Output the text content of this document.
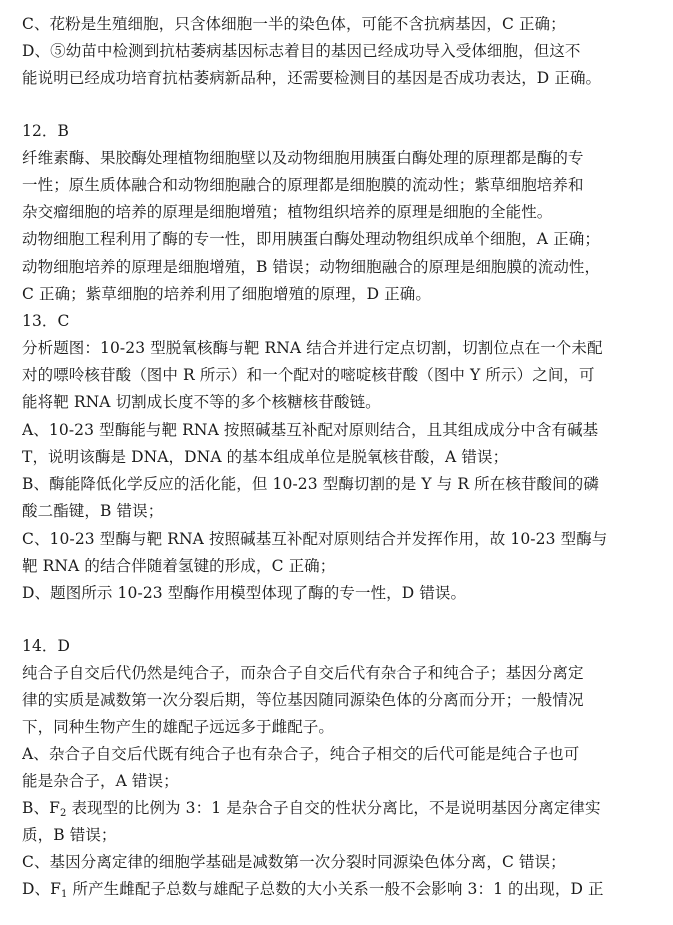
C、花粉是生殖细胞，只含体细胞一半的染色体，可能不含抗病基因，C 正确；
D、⑤幼苗中检测到抗枯萎病基因标志着目的基因已经成功导入受体细胞，但这不
能说明已经成功培育抗枯萎病新品种，还需要检测目的基因是否成功表达，D 正确。
12．B
纤维素酶、果胶酶处理植物细胞壁以及动物细胞用胰蛋白酶处理的原理都是酶的专
一性；原生质体融合和动物细胞融合的原理都是细胞膜的流动性；紫草细胞培养和
杂交瘤细胞的培养的原理是细胞增殖；植物组织培养的原理是细胞的全能性。
动物细胞工程利用了酶的专一性，即用胰蛋白酶处理动物组织成单个细胞，A 正确；
动物细胞培养的原理是细胞增殖，B 错误；动物细胞融合的原理是细胞膜的流动性，
C 正确；紫草细胞的培养利用了细胞增殖的原理，D 正确。
13．C
分析题图：10-23 型脱氧核酶与靶 RNA 结合并进行定点切割，切割位点在一个未配
对的嘌呤核苷酸（图中 R 所示）和一个配对的嘧啶核苷酸（图中 Y 所示）之间，可
能将靶 RNA 切割成长度不等的多个核糖核苷酸链。
A、10-23 型酶能与靶 RNA 按照碱基互补配对原则结合，且其组成成分中含有碱基
T，说明该酶是 DNA，DNA 的基本组成单位是脱氧核苷酸，A 错误；
B、酶能降低化学反应的活化能，但 10-23 型酶切割的是 Y 与 R 所在核苷酸间的磷
酸二酯键，B 错误；
C、10-23 型酶与靶 RNA 按照碱基互补配对原则结合并发挥作用，故 10-23 型酶与
靶 RNA 的结合伴随着氢键的形成，C 正确；
D、题图所示 10-23 型酶作用模型体现了酶的专一性，D 错误。
14．D
纯合子自交后代仍然是纯合子，而杂合子自交后代有杂合子和纯合子；基因分离定
律的实质是减数第一次分裂后期，等位基因随同源染色体的分离而分开；一般情况
下，同种生物产生的雄配子远远多于雌配子。
A、杂合子自交后代既有纯合子也有杂合子，纯合子相交的后代可能是纯合子也可
能是杂合子，A 错误；
B、$F_2$ 表现型的比例为 3：1 是杂合子自交的性状分离比，不是说明基因分离定律实
质，B 错误；
C、基因分离定律的细胞学基础是减数第一次分裂时同源染色体分离，C 错误；
D、$F_1$ 所产生雌配子总数与雄配子总数的大小关系一般不会影响 3：1 的出现，D 正
